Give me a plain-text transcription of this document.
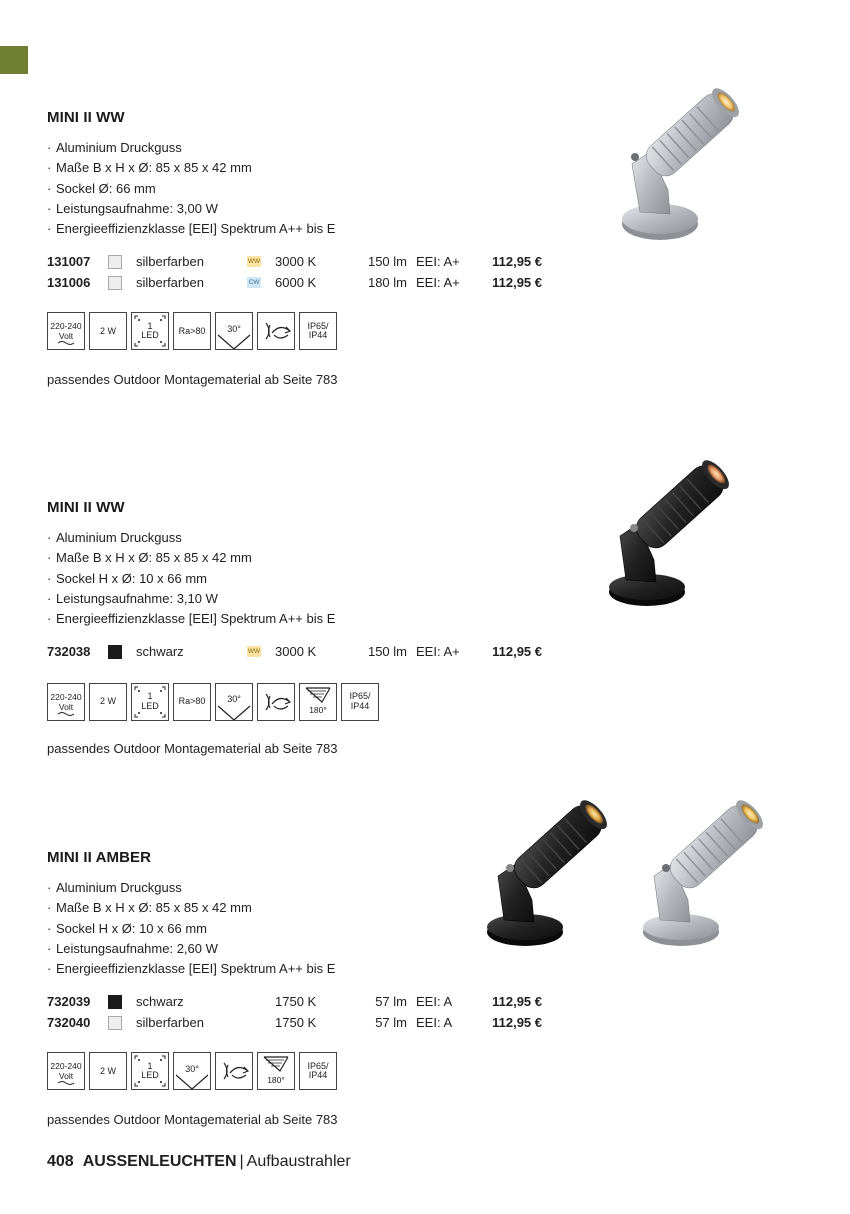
MINI II WW
· Aluminium Druckguss
· Maße B x H x Ø: 85 x 85 x 42 mm
· Sockel Ø: 66 mm
· Leistungsaufnahme: 3,00 W
· Energieeffizienzklasse [EEI] Spektrum A++ bis E
131007	silberfarben	WW 3000 K	150 lm EEI: A+	112,95 €
131006	silberfarben	CW 6000 K	180 lm EEI: A+	112,95 €
220-240
Volt
2 W	1
LED Ra>80 30°	IP65/
IP44
passendes Outdoor Montagematerial ab Seite 783
MINI II WW
· Aluminium Druckguss
· Maße B x H x Ø: 85 x 85 x 42 mm
· Sockel H x Ø: 10 x 66 mm
· Leistungsaufnahme: 3,10 W
· Energieeffizienzklasse [EEI] Spektrum A++ bis E
732038	schwarz	WW 3000 K	150 lm EEI: A+	112,95 €
220-240
Volt
2 W	1
LED Ra>80 30°
180°
IP65/
IP44
passendes Outdoor Montagematerial ab Seite 783
MINI II AMBER
· Aluminium Druckguss
· Maße B x H x Ø: 85 x 85 x 42 mm
· Sockel H x Ø: 10 x 66 mm
· Leistungsaufnahme: 2,60 W
· Energieeffizienzklasse [EEI] Spektrum A++ bis E
732039	schwarz	1750 K	57 lm EEI: A	112,95 €
732040	silberfarben	1750 K	57 lm EEI: A	112,95 €
220-240
Volt
2 W	1
LED
30°
180°
IP65/
IP44
passendes Outdoor Montagematerial ab Seite 783
408 AUSSENLEUCHTEN | Aufbaustrahler
